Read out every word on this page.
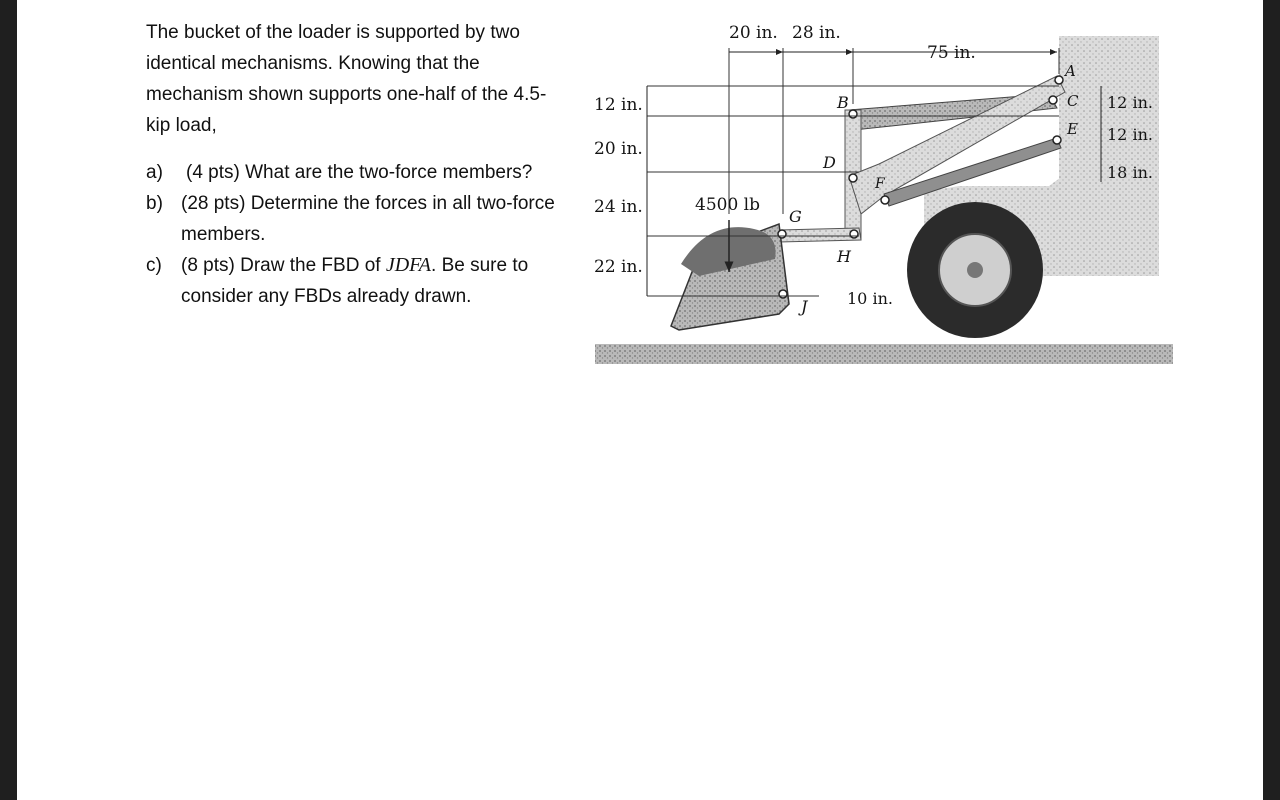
The bucket of the loader is supported by two identical mechanisms. Knowing that the mechanism shown supports one-half of the 4.5-kip load,

a) (4 pts) What are the two-force members?
b) (28 pts) Determine the forces in all two-force members.
c) (8 pts) Draw the FBD of JDFA. Be sure to consider any FBDs already drawn.
20 in. 28 in.
75 in.
12 in.
20 in.
24 in.
22 in.
12 in.
12 in.
18 in.
10 in.
4500 lb
B
A
C
E
D
F
G
H
J
